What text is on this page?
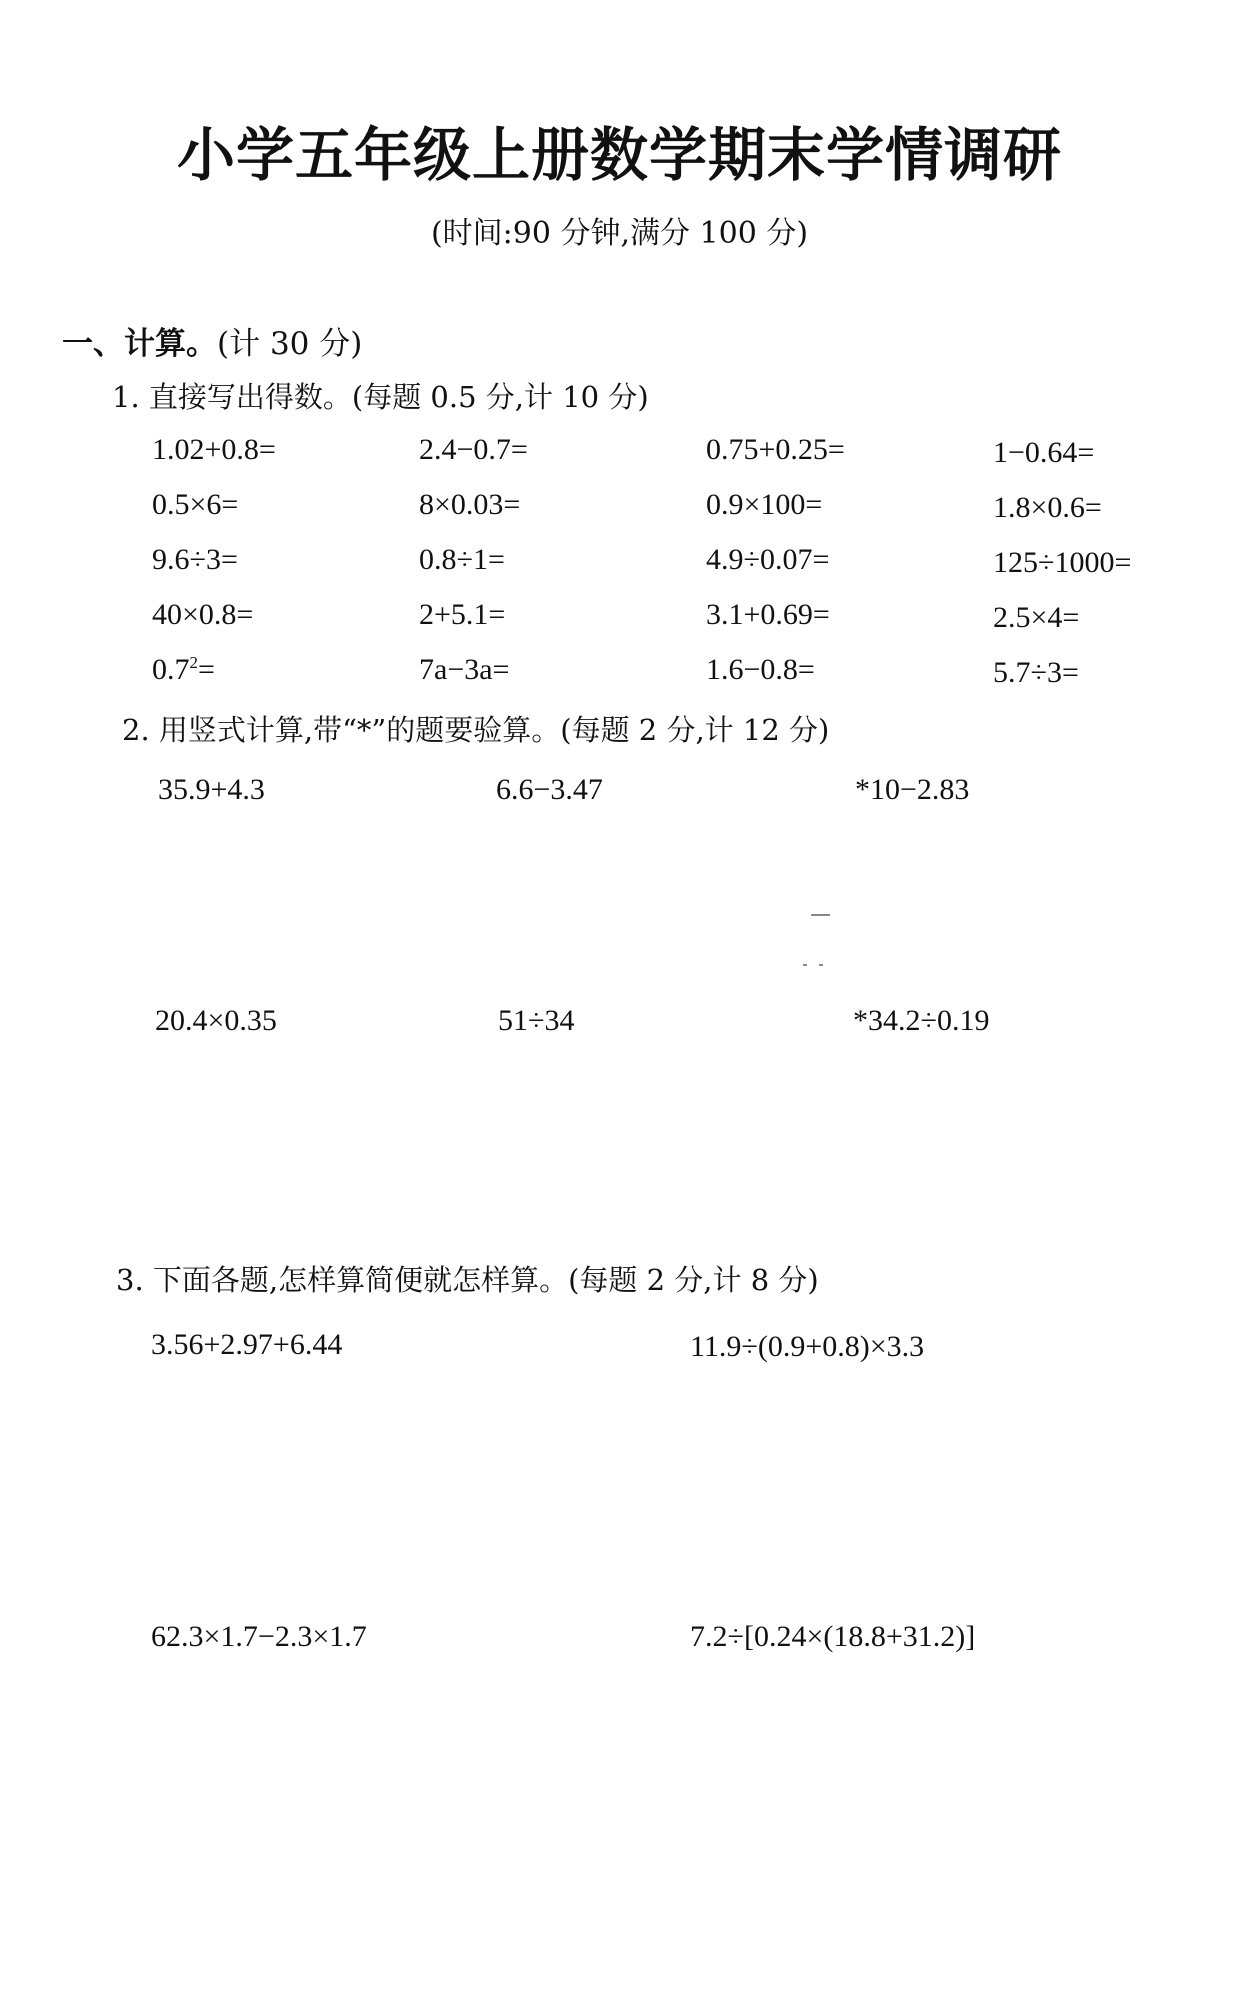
小学五年级上册数学期末学情调研
(时间:90 分钟,满分 100 分)
一、计算。(计 30 分)
1. 直接写出得数。(每题 0.5 分,计 10 分)
1.02+0.8=	2.4−0.7=	0.75+0.25=	1−0.64=
0.5×6=	8×0.03=	0.9×100=	1.8×0.6=
9.6÷3=	0.8÷1=	4.9÷0.07=	125÷1000=
40×0.8=	2+5.1=	3.1+0.69=	2.5×4=
$0.7^2=$	7a−3a=	1.6−0.8=	5.7÷3=
2. 用竖式计算,带“*”的题要验算。(每题 2 分,计 12 分)
35.9+4.3	6.6−3.47	*10−2.83
20.4×0.35	51÷34	*34.2÷0.19
3. 下面各题,怎样算简便就怎样算。(每题 2 分,计 8 分)
3.56+2.97+6.44	11.9÷(0.9+0.8)×3.3
62.3×1.7−2.3×1.7	7.2÷[0.24×(18.8+31.2)]
